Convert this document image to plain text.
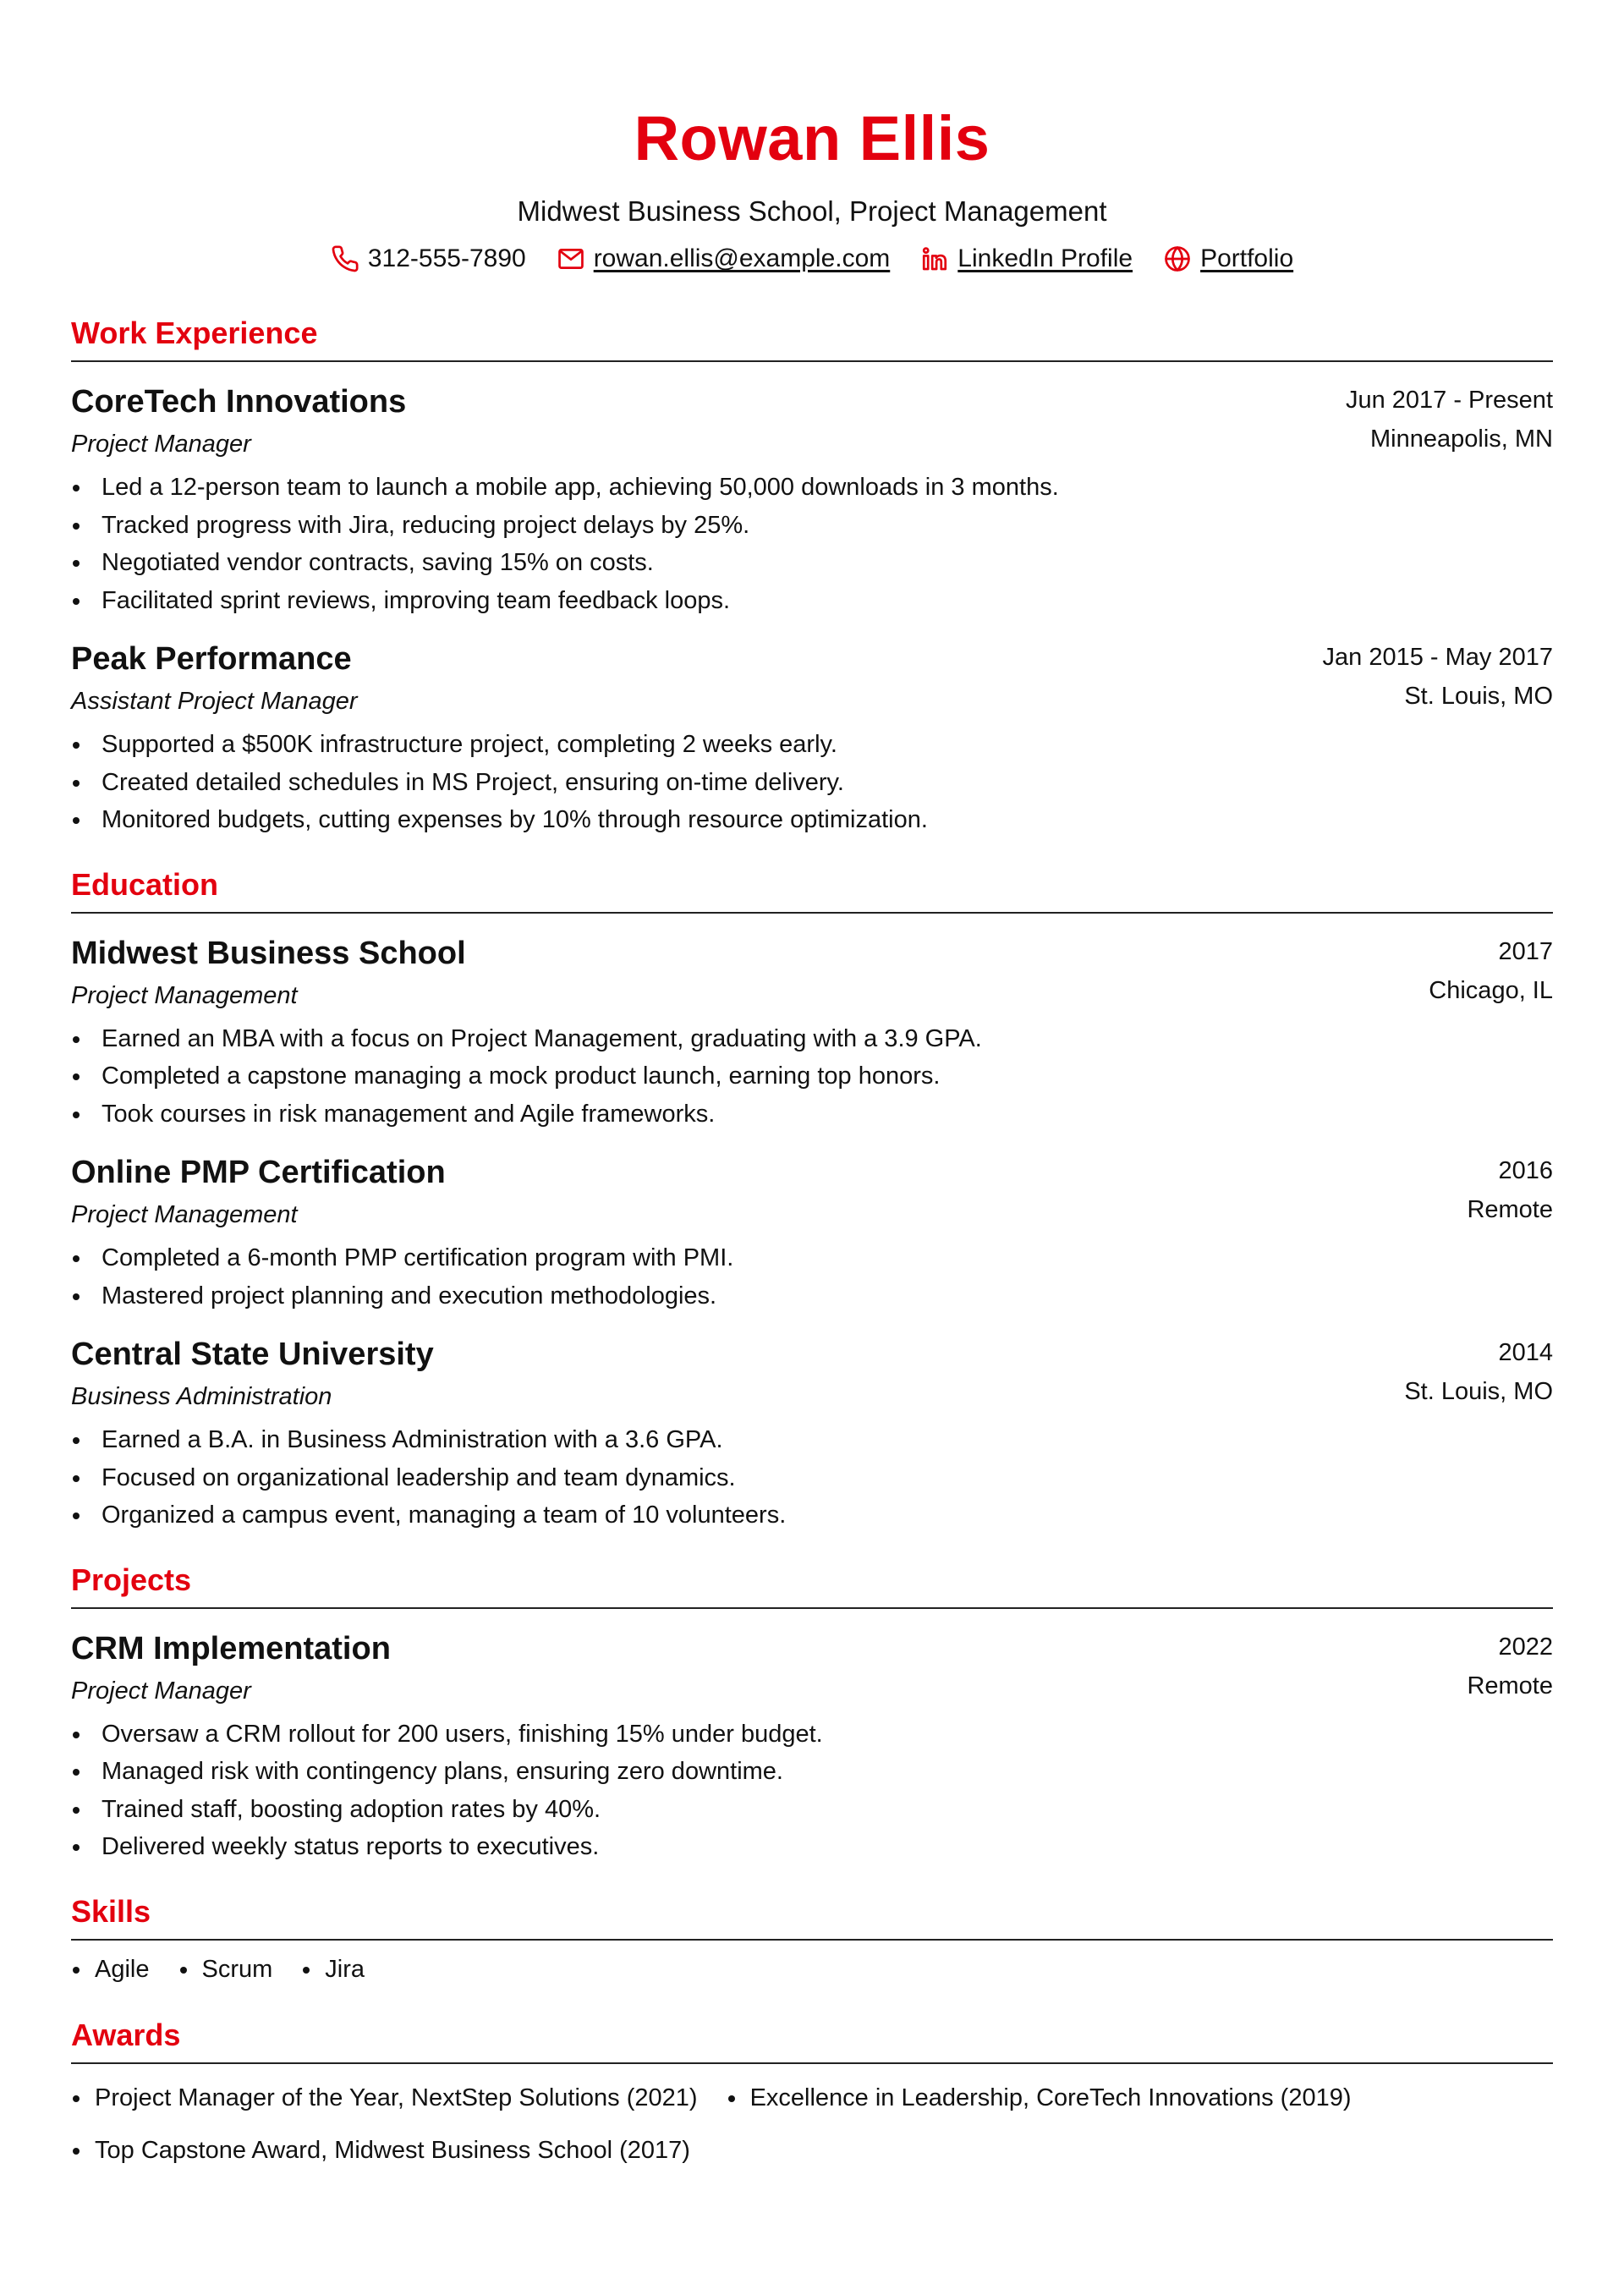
Rowan Ellis
Midwest Business School, Project Management
312-555-7890	rowan.ellis@example.com	LinkedIn Profile	Portfolio
Work Experience
CoreTech Innovations
Project Manager
Jun 2017 - Present
Minneapolis, MN
Led a 12-person team to launch a mobile app, achieving 50,000 downloads in 3 months.
Tracked progress with Jira, reducing project delays by 25%.
Negotiated vendor contracts, saving 15% on costs.
Facilitated sprint reviews, improving team feedback loops.
Peak Performance
Assistant Project Manager
Jan 2015 - May 2017
St. Louis, MO
Supported a $500K infrastructure project, completing 2 weeks early.
Created detailed schedules in MS Project, ensuring on-time delivery.
Monitored budgets, cutting expenses by 10% through resource optimization.
Education
Midwest Business School
Project Management
2017
Chicago, IL
Earned an MBA with a focus on Project Management, graduating with a 3.9 GPA.
Completed a capstone managing a mock product launch, earning top honors.
Took courses in risk management and Agile frameworks.
Online PMP Certification
Project Management
2016
Remote
Completed a 6-month PMP certification program with PMI.
Mastered project planning and execution methodologies.
Central State University
Business Administration
2014
St. Louis, MO
Earned a B.A. in Business Administration with a 3.6 GPA.
Focused on organizational leadership and team dynamics.
Organized a campus event, managing a team of 10 volunteers.
Projects
CRM Implementation
Project Manager
2022
Remote
Oversaw a CRM rollout for 200 users, finishing 15% under budget.
Managed risk with contingency plans, ensuring zero downtime.
Trained staff, boosting adoption rates by 40%.
Delivered weekly status reports to executives.
Skills
Agile	Scrum	Jira
Awards
Project Manager of the Year, NextStep Solutions (2021)	Excellence in Leadership, CoreTech Innovations (2019)
Top Capstone Award, Midwest Business School (2017)
